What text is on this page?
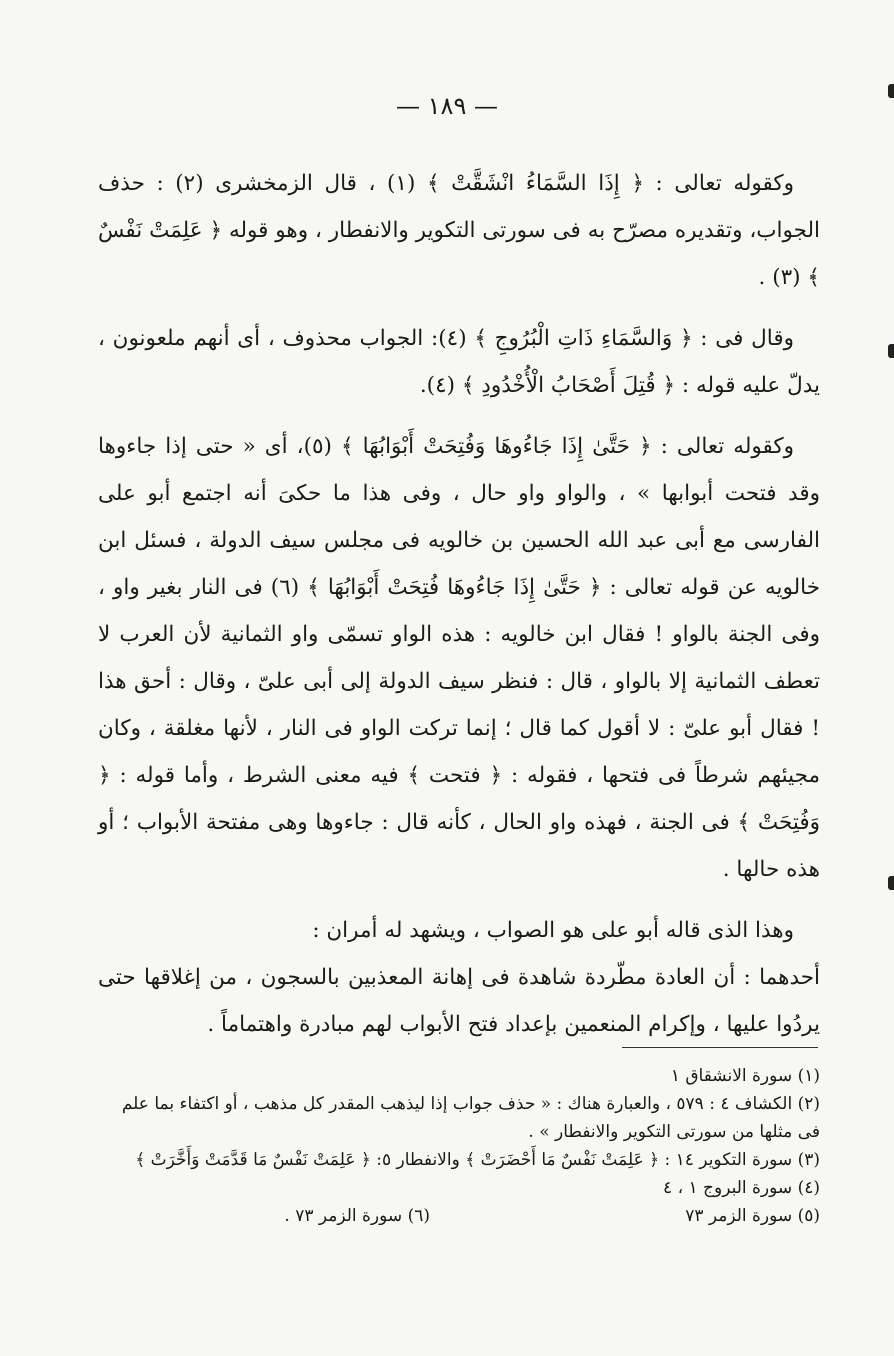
— ١٨٩ —

وكقوله تعالى : ﴿ إِذَا السَّمَاءُ انْشَقَّتْ ﴾ (١) ، قال الزمخشرى (٢) : حذف الجواب، وتقديره مصرّح به فى سورتى التكوير والانفطار ، وهو قوله ﴿ عَلِمَتْ نَفْسٌ ﴾ (٣) .

وقال فى : ﴿ وَالسَّمَاءِ ذَاتِ الْبُرُوجِ ﴾ (٤): الجواب محذوف ، أى أنهم ملعونون ، يدلّ عليه قوله : ﴿ قُتِلَ أَصْحَابُ الْأُخْدُودِ ﴾ (٤).

وكقوله تعالى : ﴿ حَتَّىٰ إِذَا جَاءُوهَا وَفُتِحَتْ أَبْوَابُهَا ﴾ (٥)، أى « حتى إذا جاءوها وقد فتحت أبوابها » ، والواو واو حال ، وفى هذا ما حكىَ أنه اجتمع أبو على الفارسى مع أبى عبد الله الحسين بن خالويه فى مجلس سيف الدولة ، فسئل ابن خالويه عن قوله تعالى : ﴿ حَتَّىٰ إِذَا جَاءُوهَا فُتِحَتْ أَبْوَابُهَا ﴾ (٦) فى النار بغير واو ، وفى الجنة بالواو ! فقال ابن خالويه : هذه الواو تسمّى واو الثمانية لأن العرب لا تعطف الثمانية إلا بالواو ، قال : فنظر سيف الدولة إلى أبى علىّ ، وقال : أحق هذا ! فقال أبو علىّ : لا أقول كما قال ؛ إنما تركت الواو فى النار ، لأنها مغلقة ، وكان مجيئهم شرطاً فى فتحها ، فقوله : ﴿ فتحت ﴾ فيه معنى الشرط ، وأما قوله : ﴿ وَفُتِحَتْ ﴾ فى الجنة ، فهذه واو الحال ، كأنه قال : جاءوها وهى مفتحة الأبواب ؛ أو هذه حالها .

وهذا الذى قاله أبو على هو الصواب ، ويشهد له أمران :

أحدهما : أن العادة مطّردة شاهدة فى إهانة المعذبين بالسجون ، من إغلاقها حتى يردُوا عليها ، وإكرام المنعمين بإعداد فتح الأبواب لهم مبادرة واهتماماً .

(١) سورة الانشقاق ١

(٢) الكشاف ٤ : ٥٧٩ ، والعبارة هناك : « حذف جواب إذا ليذهب المقدر كل مذهب ، أو اكتفاء بما علم فى مثلها من سورتى التكوير والانفطار » .

(٣) سورة التكوير ١٤ : ﴿ عَلِمَتْ نَفْسٌ مَا أَحْضَرَتْ ﴾ والانفطار ٥: ﴿ عَلِمَتْ نَفْسٌ مَا قَدَّمَتْ وَأَخَّرَتْ ﴾

(٤) سورة البروج ١ ، ٤
(٥) سورة الزمر ٧٣
(٦) سورة الزمر ٧٣ .
